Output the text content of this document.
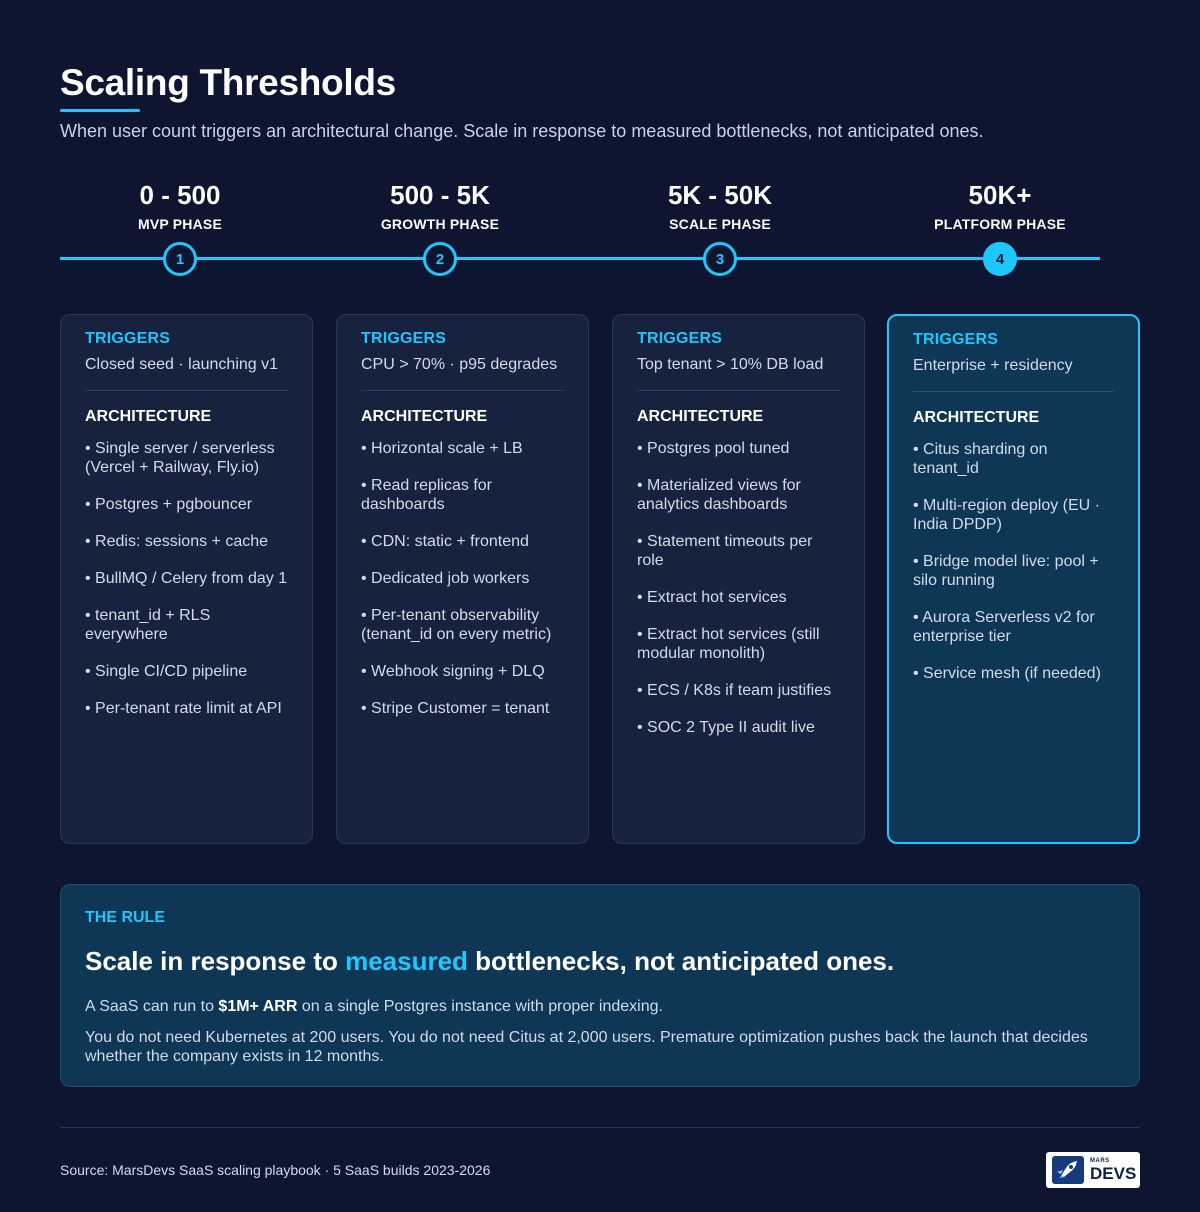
Scaling Thresholds

When user count triggers an architectural change. Scale in response to measured bottlenecks, not anticipated ones.

0 - 500
MVP PHASE
1
500 - 5K
GROWTH PHASE
2
5K - 50K
SCALE PHASE
3
50K+
PLATFORM PHASE
4
TRIGGERS
Closed seed · launching v1
ARCHITECTURE
• Single server / serverless (Vercel + Railway, Fly.io)
• Postgres + pgbouncer
• Redis: sessions + cache
• BullMQ / Celery from day 1
• tenant_id + RLS everywhere
• Single CI/CD pipeline
• Per-tenant rate limit at API
TRIGGERS
CPU > 70% · p95 degrades
ARCHITECTURE
• Horizontal scale + LB
• Read replicas for dashboards
• CDN: static + frontend
• Dedicated job workers
• Per-tenant observability (tenant_id on every metric)
• Webhook signing + DLQ
• Stripe Customer = tenant
TRIGGERS
Top tenant > 10% DB load
ARCHITECTURE
• Postgres pool tuned
• Materialized views for analytics dashboards
• Statement timeouts per role
• Extract hot services
• Extract hot services (still modular monolith)
• ECS / K8s if team justifies
• SOC 2 Type II audit live
TRIGGERS
Enterprise + residency
ARCHITECTURE
• Citus sharding on tenant_id
• Multi-region deploy (EU · India DPDP)
• Bridge model live: pool + silo running
• Aurora Serverless v2 for enterprise tier
• Service mesh (if needed)
THE RULE
Scale in response to measured bottlenecks, not anticipated ones.

A SaaS can run to $1M+ ARR on a single Postgres instance with proper indexing.

You do not need Kubernetes at 200 users. You do not need Citus at 2,000 users. Premature optimization pushes back the launch that decides whether the company exists in 12 months.

Source: MarsDevs SaaS scaling playbook · 5 SaaS builds 2023-2026
MARS
DEVS
